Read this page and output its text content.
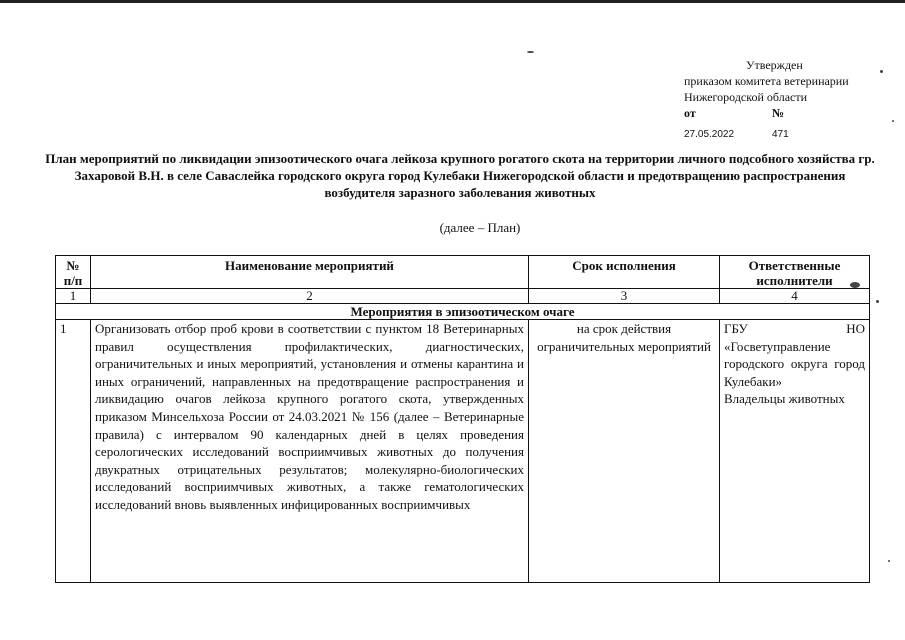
Утвержден
приказом комитета ветеринарии
Нижегородской области
от	№
27.05.2022	471
План мероприятий по ликвидации эпизоотического очага лейкоза крупного рогатого скота на территории личного подсобного хозяйства гр. Захаровой В.Н. в селе Саваслейка городского округа город Кулебаки Нижегородской области и предотвращению распространения возбудителя заразного заболевания животных
(далее – План)
№ п/п	Наименование мероприятий	Срок исполнения	Ответственные исполнители
1	2	3	4
Мероприятия в эпизоотическом очаге			
1	Организовать отбор проб крови в соответствии с пунктом 18 Ветеринарных правил осуществления профилактических, диагностических, ограничительных и иных мероприятий, установления и отмены карантина и иных ограничений, направленных на предотвращение распространения и ликвидацию очагов лейкоза крупного рогатого скота, утвержденных приказом Минсельхоза России от 24.03.2021 № 156 (далее – Ветеринарные правила) с интервалом 90 календарных дней в целях проведения серологических исследований восприимчивых животных до получения двукратных отрицательных результатов; молекулярно-биологических исследований восприимчивых животных, а также гематологических исследований вновь выявленных инфицированных восприимчивых	на срок действия ограничительных мероприятий	ГБУ НО «Госветуправление городского округа город Кулебаки»
Владельцы животных
